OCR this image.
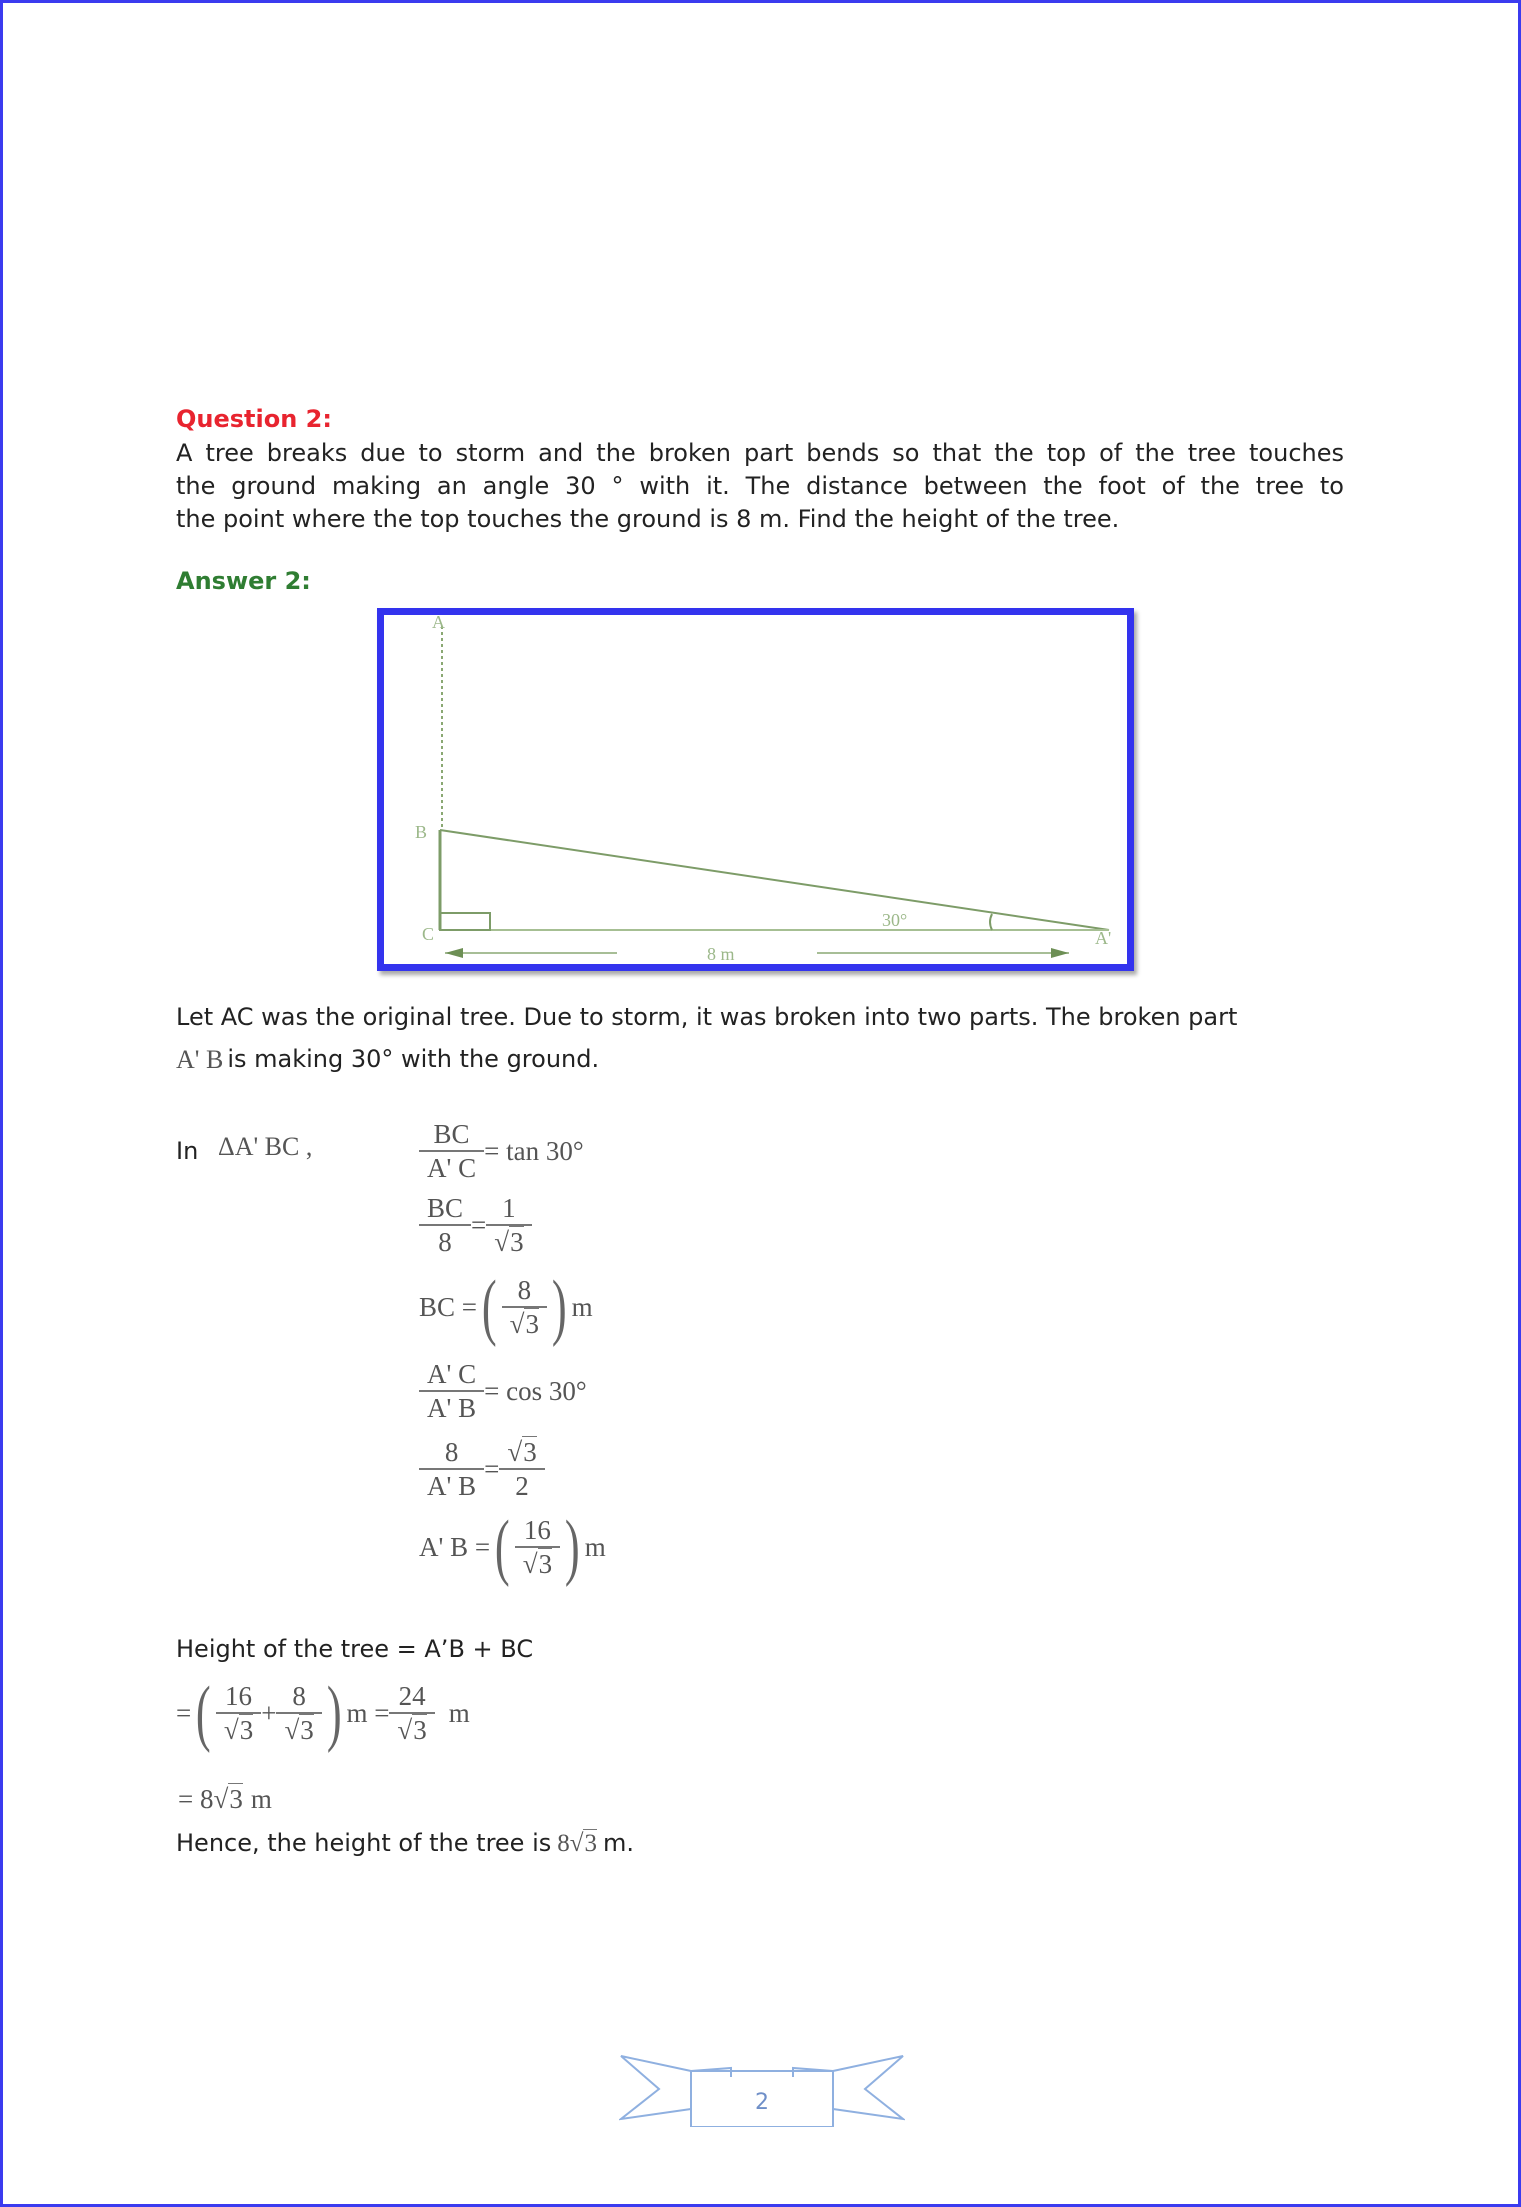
Question 2:
A tree breaks due to storm and the broken part bends so that the top of the tree touches
the ground making an angle 30 ° with it. The distance between the foot of the tree to
the point where the top touches the ground is 8 m. Find the height of the tree.
Answer 2:
A
B
C	A'
30°
8 m
Let AC was the original tree. Due to storm, it was broken into two parts. The broken part
A' B is making 30° with the ground.
In ΔA' BC ,	$\frac{BC}{A' C} = \tan 30^\circ$
$\frac{BC}{8} = \frac{1}{√3}$
BC = ( $\frac{8}{√3}$ ) m
$\frac{A' C}{A' B} = \cos 30^\circ$
$\frac{8}{A' B} = \frac{√3}{2}$
A' B = ( $\frac{16}{√3}$ ) m
Height of the tree = A’B + BC
= ( $\frac{16}{√3} + \frac{8}{√3}$ ) $m = \frac{24}{√3}$ m
= 8 √3 m
Hence, the height of the tree is 8 √3 m.
2
